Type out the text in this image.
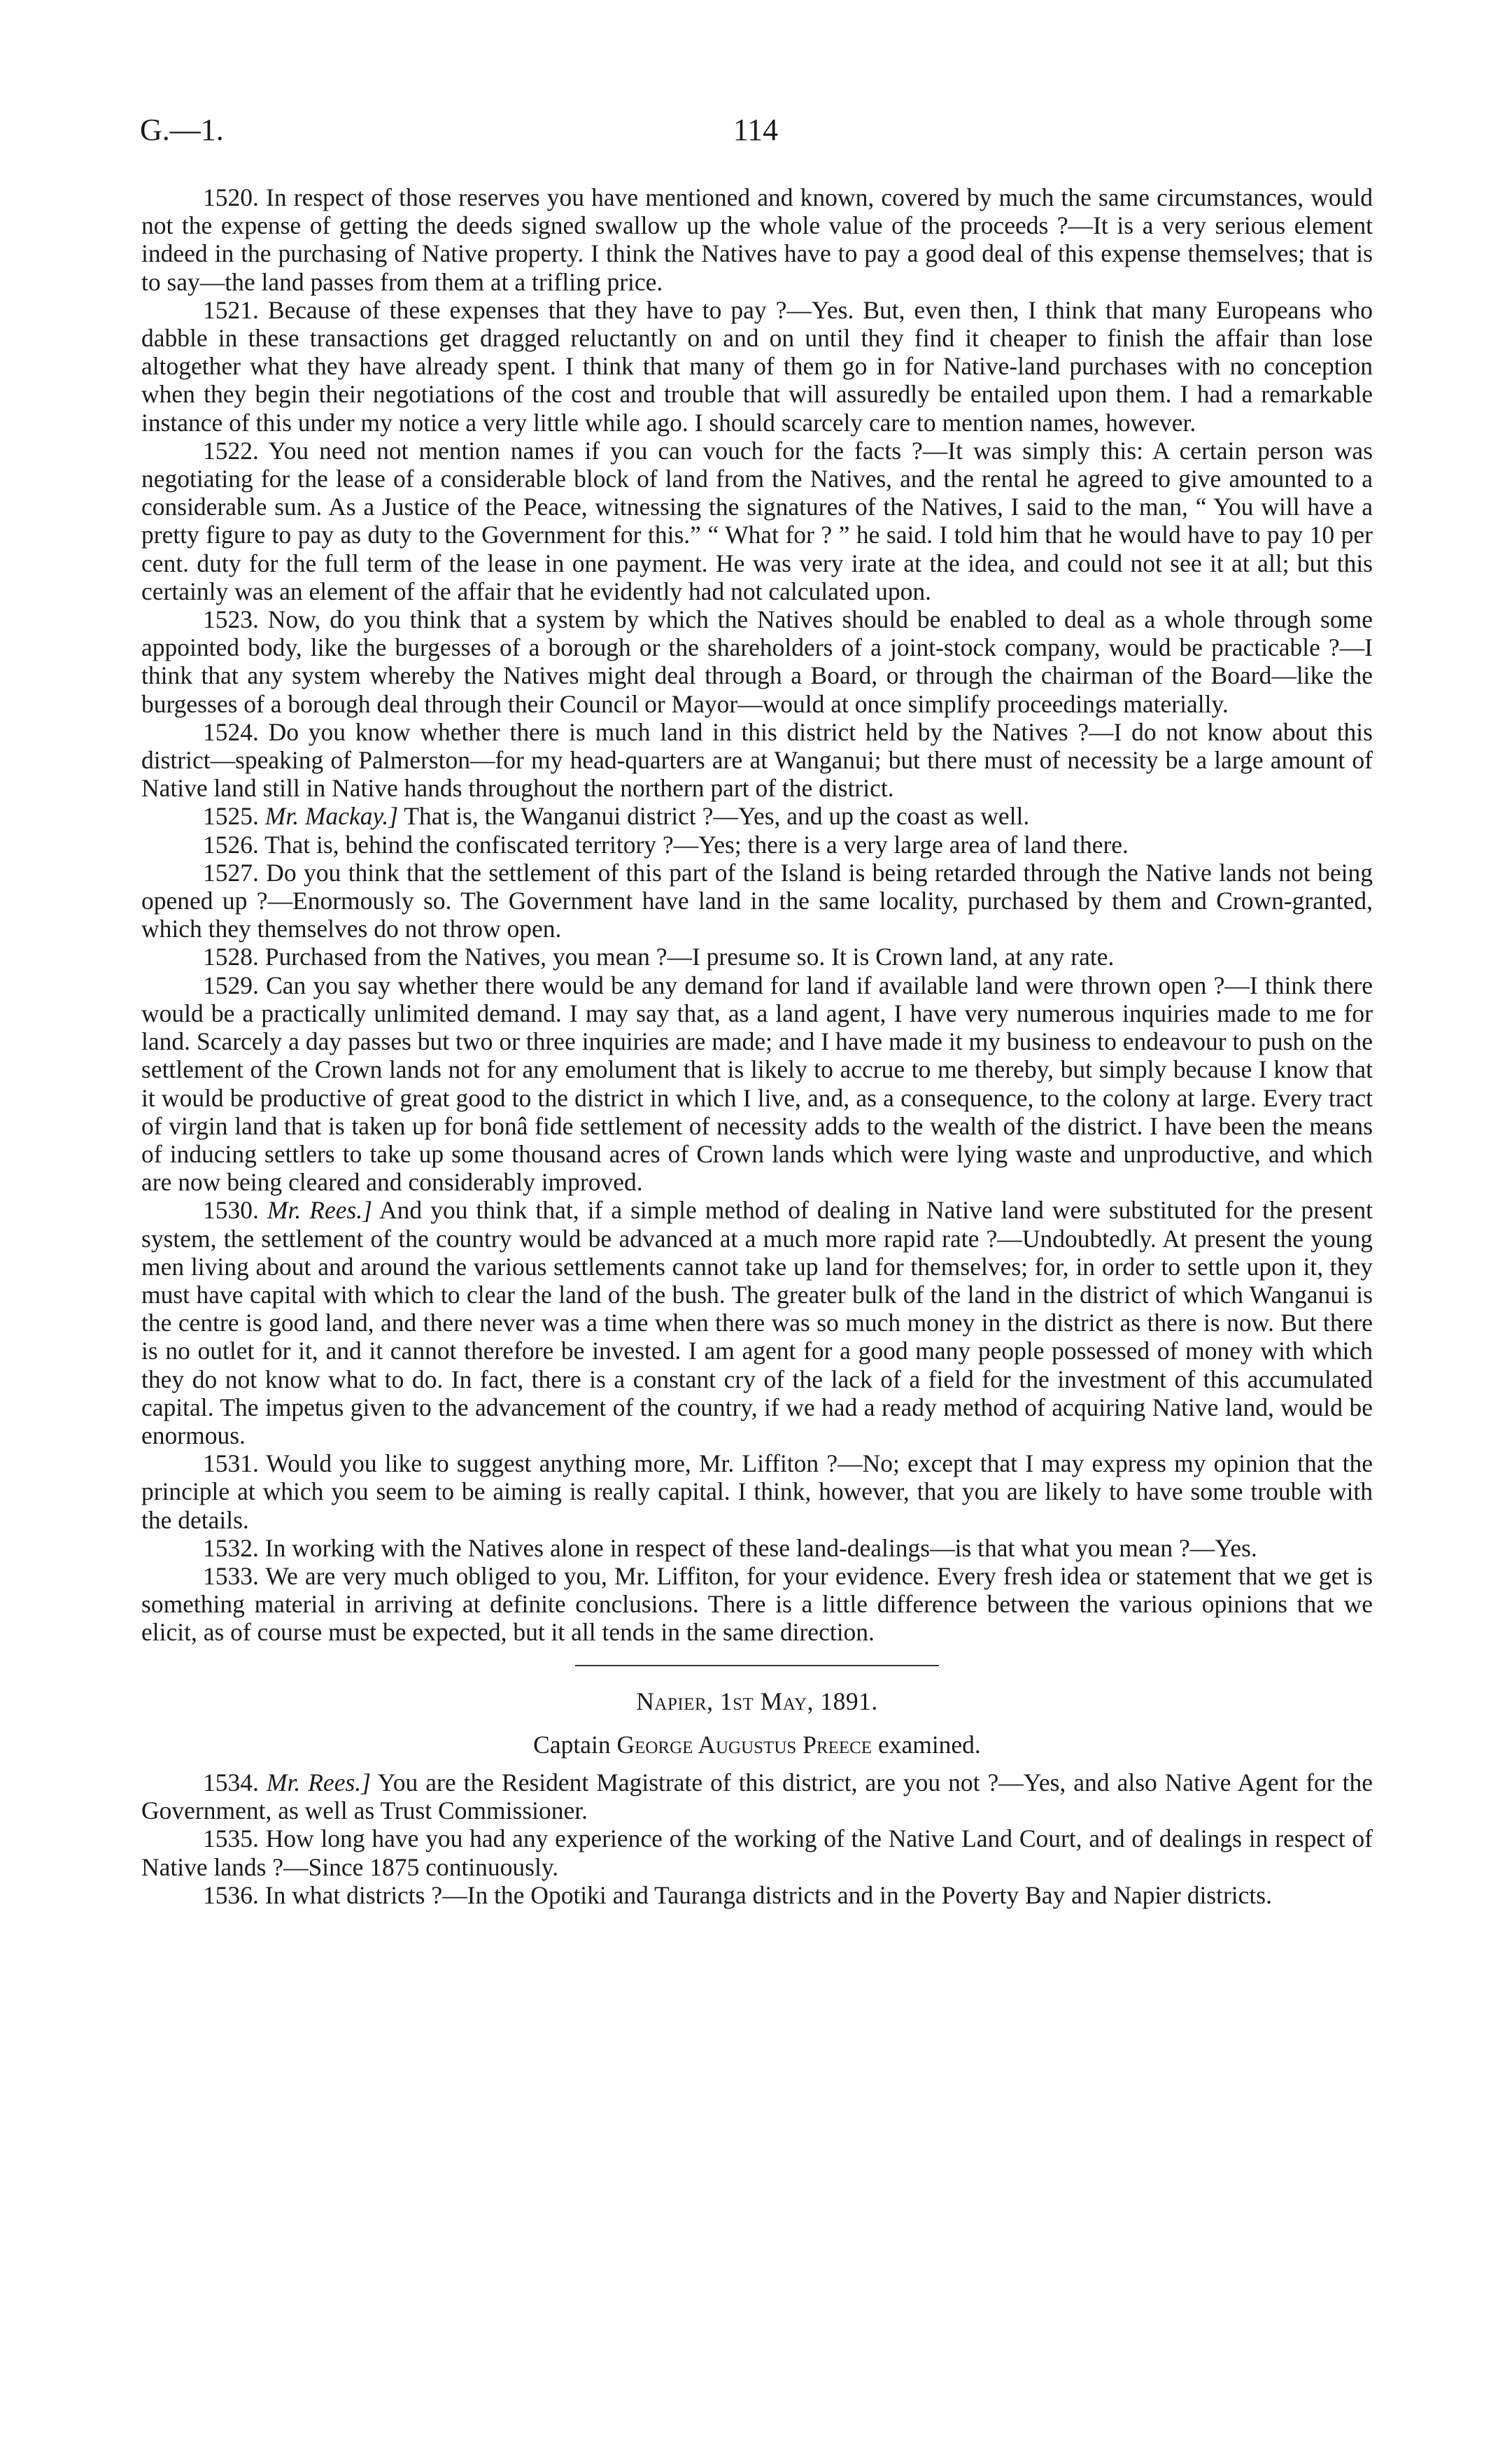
G.—1.	114

1520. In respect of those reserves you have mentioned and known, covered by much the same circumstances, would not the expense of getting the deeds signed swallow up the whole value of the proceeds ?—It is a very serious element indeed in the purchasing of Native property. I think the Natives have to pay a good deal of this expense themselves; that is to say—the land passes from them at a trifling price.

1521. Because of these expenses that they have to pay ?—Yes. But, even then, I think that many Europeans who dabble in these transactions get dragged reluctantly on and on until they find it cheaper to finish the affair than lose altogether what they have already spent. I think that many of them go in for Native-land purchases with no conception when they begin their negotiations of the cost and trouble that will assuredly be entailed upon them. I had a remarkable instance of this under my notice a very little while ago. I should scarcely care to mention names, however.

1522. You need not mention names if you can vouch for the facts ?—It was simply this: A certain person was negotiating for the lease of a considerable block of land from the Natives, and the rental he agreed to give amounted to a considerable sum. As a Justice of the Peace, witnessing the signatures of the Natives, I said to the man, “ You will have a pretty figure to pay as duty to the Government for this.” “ What for ? ” he said. I told him that he would have to pay 10 per cent. duty for the full term of the lease in one payment. He was very irate at the idea, and could not see it at all; but this certainly was an element of the affair that he evidently had not calculated upon.

1523. Now, do you think that a system by which the Natives should be enabled to deal as a whole through some appointed body, like the burgesses of a borough or the shareholders of a joint-stock company, would be practicable ?—I think that any system whereby the Natives might deal through a Board, or through the chairman of the Board—like the burgesses of a borough deal through their Council or Mayor—would at once simplify proceedings materially.

1524. Do you know whether there is much land in this district held by the Natives ?—I do not know about this district—speaking of Palmerston—for my head-quarters are at Wanganui; but there must of necessity be a large amount of Native land still in Native hands throughout the northern part of the district.

1525. Mr. Mackay.] That is, the Wanganui district ?—Yes, and up the coast as well.

1526. That is, behind the confiscated territory ?—Yes; there is a very large area of land there.

1527. Do you think that the settlement of this part of the Island is being retarded through the Native lands not being opened up ?—Enormously so. The Government have land in the same locality, purchased by them and Crown-granted, which they themselves do not throw open.

1528. Purchased from the Natives, you mean ?—I presume so. It is Crown land, at any rate.

1529. Can you say whether there would be any demand for land if available land were thrown open ?—I think there would be a practically unlimited demand. I may say that, as a land agent, I have very numerous inquiries made to me for land. Scarcely a day passes but two or three inquiries are made; and I have made it my business to endeavour to push on the settlement of the Crown lands not for any emolument that is likely to accrue to me thereby, but simply because I know that it would be productive of great good to the district in which I live, and, as a consequence, to the colony at large. Every tract of virgin land that is taken up for bonâ fide settlement of necessity adds to the wealth of the district. I have been the means of inducing settlers to take up some thousand acres of Crown lands which were lying waste and unproductive, and which are now being cleared and considerably improved.

1530. Mr. Rees.] And you think that, if a simple method of dealing in Native land were substituted for the present system, the settlement of the country would be advanced at a much more rapid rate ?—Undoubtedly. At present the young men living about and around the various settlements cannot take up land for themselves; for, in order to settle upon it, they must have capital with which to clear the land of the bush. The greater bulk of the land in the district of which Wanganui is the centre is good land, and there never was a time when there was so much money in the district as there is now. But there is no outlet for it, and it cannot therefore be invested. I am agent for a good many people possessed of money with which they do not know what to do. In fact, there is a constant cry of the lack of a field for the investment of this accumulated capital. The impetus given to the advancement of the country, if we had a ready method of acquiring Native land, would be enormous.

1531. Would you like to suggest anything more, Mr. Liffiton ?—No; except that I may express my opinion that the principle at which you seem to be aiming is really capital. I think, however, that you are likely to have some trouble with the details.

1532. In working with the Natives alone in respect of these land-dealings—is that what you mean ?—Yes.

1533. We are very much obliged to you, Mr. Liffiton, for your evidence. Every fresh idea or statement that we get is something material in arriving at definite conclusions. There is a little difference between the various opinions that we elicit, as of course must be expected, but it all tends in the same direction.

Napier, 1st May, 1891.

Captain George Augustus Preece examined.

1534. Mr. Rees.] You are the Resident Magistrate of this district, are you not ?—Yes, and also Native Agent for the Government, as well as Trust Commissioner.

1535. How long have you had any experience of the working of the Native Land Court, and of dealings in respect of Native lands ?—Since 1875 continuously.

1536. In what districts ?—In the Opotiki and Tauranga districts and in the Poverty Bay and Napier districts.
